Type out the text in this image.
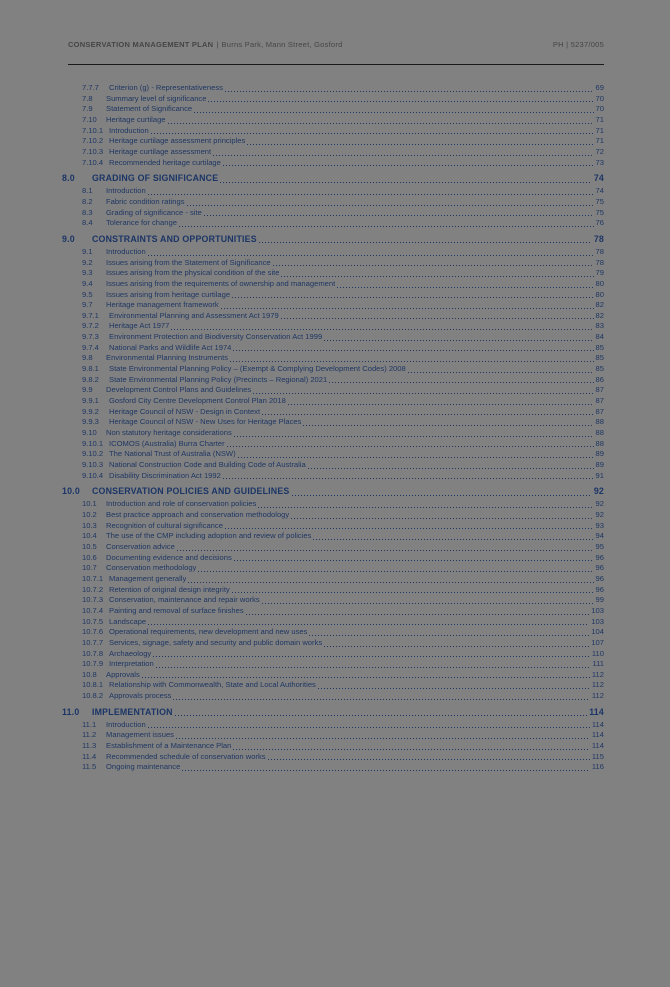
CONSERVATION MANAGEMENT PLAN | Burns Park, Mann Street, Gosford	PH | 5237/005
7.7.7	Criterion (g) - Representativeness	69
7.8	Summary level of significance	70
7.9	Statement of Significance	70
7.10	Heritage curtilage	71
7.10.1 Introduction	71
7.10.2 Heritage curtilage assessment principles	71
7.10.3 Heritage curtilage assessment	72
7.10.4 Recommended heritage curtilage	73
8.0	GRADING OF SIGNIFICANCE	74
8.1	Introduction	74
8.2	Fabric condition ratings	75
8.3	Grading of significance - site	75
8.4	Tolerance for change	76
9.0	CONSTRAINTS AND OPPORTUNITIES	78
9.1	Introduction	78
9.2	Issues arising from the Statement of Significance	78
9.3	Issues arising from the physical condition of the site	79
9.4	Issues arising from the requirements of ownership and management	80
9.5	Issues arising from heritage curtilage	80
9.7	Heritage management framework	82
9.7.1	Environmental Planning and Assessment Act 1979	82
9.7.2	Heritage Act 1977	83
9.7.3	Environment Protection and Biodiversity Conservation Act 1999	84
9.7.4	National Parks and Wildlife Act 1974	85
9.8	Environmental Planning Instruments	85
9.8.1	State Environmental Planning Policy – (Exempt & Complying Development Codes) 2008	85
9.8.2	State Environmental Planning Policy (Precincts – Regional) 2021	86
9.9	Development Control Plans and Guidelines	87
9.9.1	Gosford City Centre Development Control Plan 2018	87
9.9.2	Heritage Council of NSW - Design in Context	87
9.9.3	Heritage Council of NSW - New Uses for Heritage Places	88
9.10	Non statutory heritage considerations	88
9.10.1 ICOMOS (Australia) Burra Charter	88
9.10.2 The National Trust of Australia (NSW)	89
9.10.3 National Construction Code and Building Code of Australia	89
9.10.4 Disability Discrimination Act 1992	91
10.0	CONSERVATION POLICIES AND GUIDELINES	92
10.1	Introduction and role of conservation policies	92
10.2	Best practice approach and conservation methodology	92
10.3	Recognition of cultural significance	93
10.4	The use of the CMP including adoption and review of policies	94
10.5	Conservation advice	95
10.6	Documenting evidence and decisions	96
10.7	Conservation methodology	96
10.7.1 Management generally	96
10.7.2 Retention of original design integrity	96
10.7.3 Conservation, maintenance and repair works	99
10.7.4 Painting and removal of surface finishes	103
10.7.5 Landscape	103
10.7.6 Operational requirements, new development and new uses	104
10.7.7 Services, signage, safety and security and public domain works	107
10.7.8 Archaeology	110
10.7.9 Interpretation	111
10.8	Approvals	112
10.8.1 Relationship with Commonwealth, State and Local Authorities	112
10.8.2 Approvals process	112
11.0	IMPLEMENTATION	114
11.1	Introduction	114
11.2	Management issues	114
11.3	Establishment of a Maintenance Plan	114
11.4	Recommended schedule of conservation works	115
11.5	Ongoing maintenance	116
